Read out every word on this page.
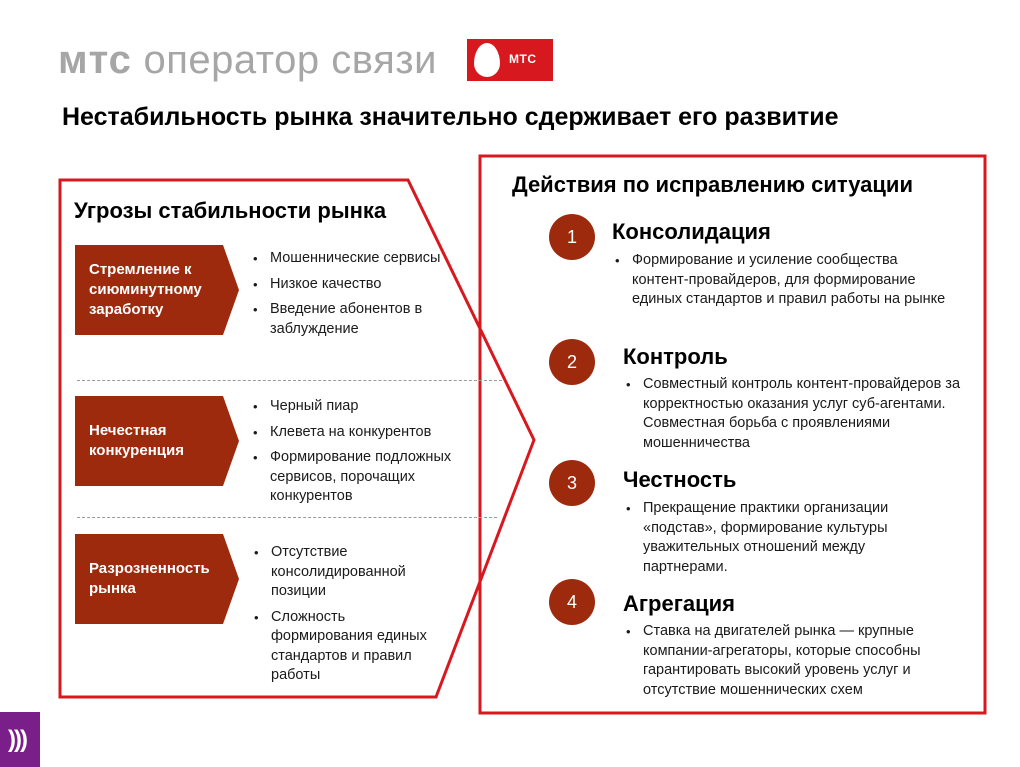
мтс оператор связи	МТС
Нестабильность рынка значительно сдерживает его развитие
Угрозы стабильности рынка
Стремление к сиюминутному заработку
• Мошеннические сервисы
• Низкое качество
• Введение абонентов в заблуждение
Нечестная конкуренция
• Черный пиар
• Клевета на конкурентов
• Формирование подложных сервисов, порочащих конкурентов
Разрозненность рынка
• Отсутствие консолидированной позиции
• Сложность формирования единых стандартов и правил работы
Действия по исправлению ситуации
1	Консолидация
• Формирование и усиление сообщества контент-провайдеров, для формирование единых стандартов и правил работы на рынке
2	Контроль
• Совместный контроль контент-провайдеров за корректностью оказания услуг суб-агентами. Совместная борьба с проявлениями мошенничества
3	Честность
• Прекращение практики организации «подстав», формирование культуры уважительных отношений между партнерами.
4	Агрегация
• Ставка на двигателей рынка — крупные компании-агрегаторы, которые способны гарантировать высокий уровень услуг и отсутствие мошеннических схем
)))
